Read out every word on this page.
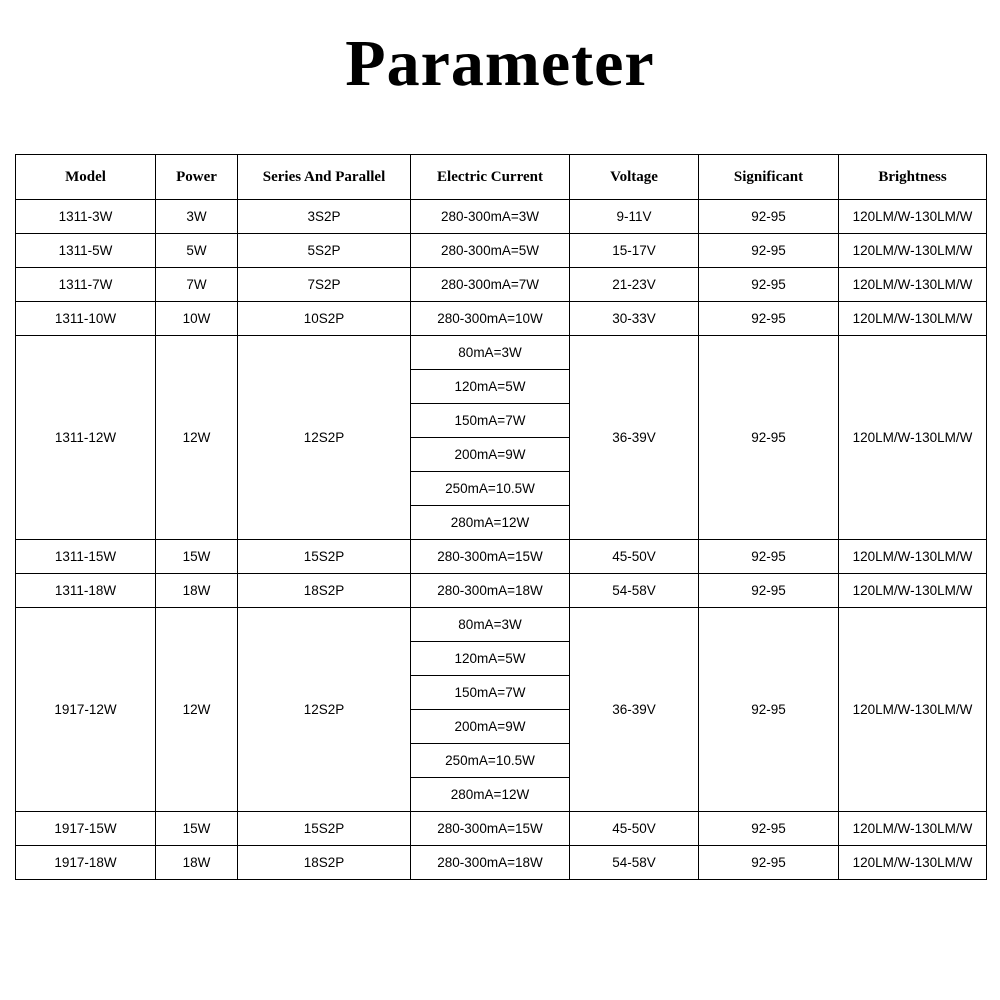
Parameter
Model	Power	Series And Parallel	Electric Current	Voltage	Significant	Brightness
1311-3W	3W	3S2P	280-300mA=3W	9-11V	92-95	120LM/W-130LM/W
1311-5W	5W	5S2P	280-300mA=5W	15-17V	92-95	120LM/W-130LM/W
1311-7W	7W	7S2P	280-300mA=7W	21-23V	92-95	120LM/W-130LM/W
1311-10W	10W	10S2P	280-300mA=10W	30-33V	92-95	120LM/W-130LM/W
1311-12W	12W	12S2P	80mA=3W	36-39V	92-95	120LM/W-130LM/W
			120mA=5W			
			150mA=7W			
			200mA=9W			
			250mA=10.5W			
			280mA=12W			
1311-15W	15W	15S2P	280-300mA=15W	45-50V	92-95	120LM/W-130LM/W
1311-18W	18W	18S2P	280-300mA=18W	54-58V	92-95	120LM/W-130LM/W
1917-12W	12W	12S2P	80mA=3W	36-39V	92-95	120LM/W-130LM/W
			120mA=5W			
			150mA=7W			
			200mA=9W			
			250mA=10.5W			
			280mA=12W			
1917-15W	15W	15S2P	280-300mA=15W	45-50V	92-95	120LM/W-130LM/W
1917-18W	18W	18S2P	280-300mA=18W	54-58V	92-95	120LM/W-130LM/W
